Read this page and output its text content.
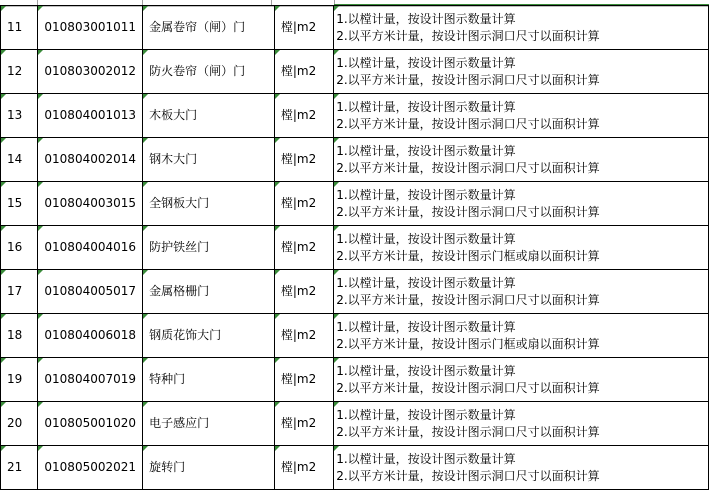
11	010803001011	金属卷帘（闸）门	樘|m2	1.以樘计量，按设计图示数量计算
2.以平方米计量，按设计图示洞口尺寸以面积计算

12	010803002012	防火卷帘（闸）门	樘|m2	1.以樘计量，按设计图示数量计算
2.以平方米计量，按设计图示洞口尺寸以面积计算

13	010804001013	木板大门	樘|m2	1.以樘计量，按设计图示数量计算
2.以平方米计量，按设计图示洞口尺寸以面积计算

14	010804002014	钢木大门	樘|m2	1.以樘计量，按设计图示数量计算
2.以平方米计量，按设计图示洞口尺寸以面积计算

15	010804003015	全钢板大门	樘|m2	1.以樘计量，按设计图示数量计算
2.以平方米计量，按设计图示洞口尺寸以面积计算

16	010804004016	防护铁丝门	樘|m2	1.以樘计量，按设计图示数量计算
2.以平方米计量，按设计图示门框或扇以面积计算

17	010804005017	金属格栅门	樘|m2	1.以樘计量，按设计图示数量计算
2.以平方米计量，按设计图示洞口尺寸以面积计算

18	010804006018	钢质花饰大门	樘|m2	1.以樘计量，按设计图示数量计算
2.以平方米计量，按设计图示门框或扇以面积计算

19	010804007019	特种门	樘|m2	1.以樘计量，按设计图示数量计算
2.以平方米计量，按设计图示洞口尺寸以面积计算

20	010805001020	电子感应门	樘|m2	1.以樘计量，按设计图示数量计算
2.以平方米计量，按设计图示洞口尺寸以面积计算

21	010805002021	旋转门	樘|m2	1.以樘计量，按设计图示数量计算
2.以平方米计量，按设计图示洞口尺寸以面积计算
